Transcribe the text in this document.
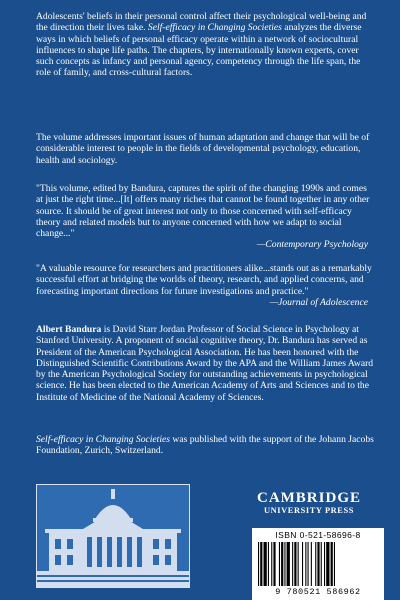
Adolescents' beliefs in their personal control affect their psychological well-being and the direction their lives take. Self-efficacy in Changing Societies analyzes the diverse ways in which beliefs of personal efficacy operate within a network of sociocultural influences to shape life paths. The chapters, by internationally known experts, cover such concepts as infancy and personal agency, competency through the life span, the role of family, and cross-cultural factors.

The volume addresses important issues of human adaptation and change that will be of considerable interest to people in the fields of developmental psychology, education, health and sociology.

"This volume, edited by Bandura, captures the spirit of the changing 1990s and comes at just the right time...[It] offers many riches that cannot be found together in any other source. It should be of great interest not only to those concerned with self-efficacy theory and related models but to anyone concerned with how we adapt to social change..."

—Contemporary Psychology

"A valuable resource for researchers and practitioners alike...stands out as a remarkably successful effort at bridging the worlds of theory, research, and applied concerns, and forecasting important directions for future investigations and practice."

—Journal of Adolescence

Albert Bandura is David Starr Jordan Professor of Social Science in Psychology at Stanford University. A proponent of social cognitive theory, Dr. Bandura has served as President of the American Psychological Association. He has been honored with the Distinguished Scientific Contributions Award by the APA and the William James Award by the American Psychological Society for outstanding achievements in psychological science. He has been elected to the American Academy of Arts and Sciences and to the Institute of Medicine of the National Academy of Sciences.

Self-efficacy in Changing Societies was published with the support of the Johann Jacobs Foundation, Zurich, Switzerland.

CAMBRIDGE
UNIVERSITY PRESS
ISBN 0-521-58696-8
9 780521 586962
